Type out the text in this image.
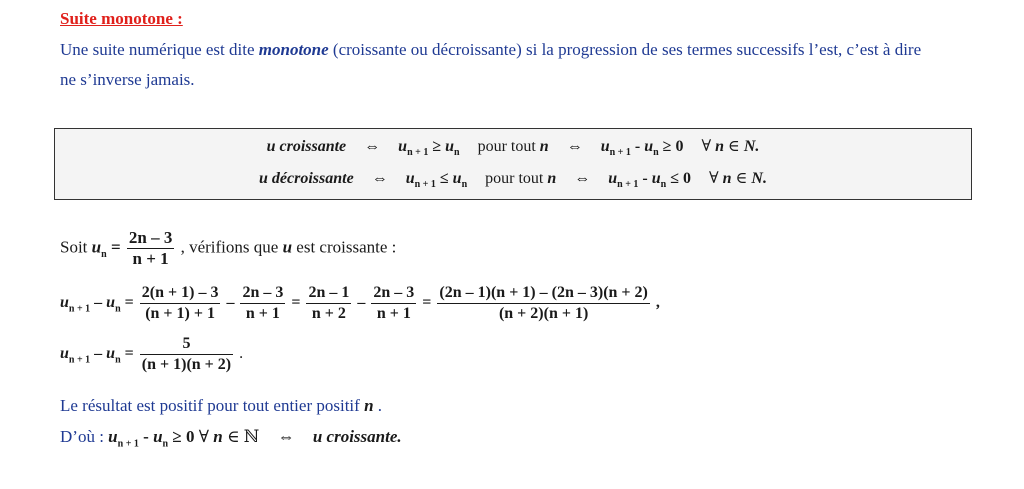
Suite monotone :
Une suite numérique est dite monotone (croissante ou décroissante) si la progression de ses termes successifs l’est, c’est à dire
ne s’inverse jamais.
u croissante ⇔ $u_{n + 1} \ge u_n$ pour tout n ⇔ $u_{n + 1} - u_n \ge 0$ ∀ n ∈ N.
u décroissante ⇔ $u_{n + 1} \le u_n$ pour tout n ⇔ $u_{n + 1} - u_n \le 0$ ∀ n ∈ N.
Soit $u_n = \frac{2n - 3}{n + 1}$ , vérifions que u est croissante :
$u_{n + 1} - u_n = \frac{2(n + 1) - 3}{(n + 1) + 1} - \frac{2n - 3}{n + 1} = \frac{2n - 1}{n + 2} - \frac{2n - 3}{n + 1} = \frac{(2n - 1)(n + 1) - (2n - 3)(n + 2)}{(n + 2)(n + 1)}$ ,
$u_{n + 1} - u_n = \frac{5}{(n + 1)(n + 2)}$ .
Le résultat est positif pour tout entier positif n .
D’où : $u_{n + 1} - u_n \ge 0$ ∀ n ∈ ℕ ⇔ u croissante.
